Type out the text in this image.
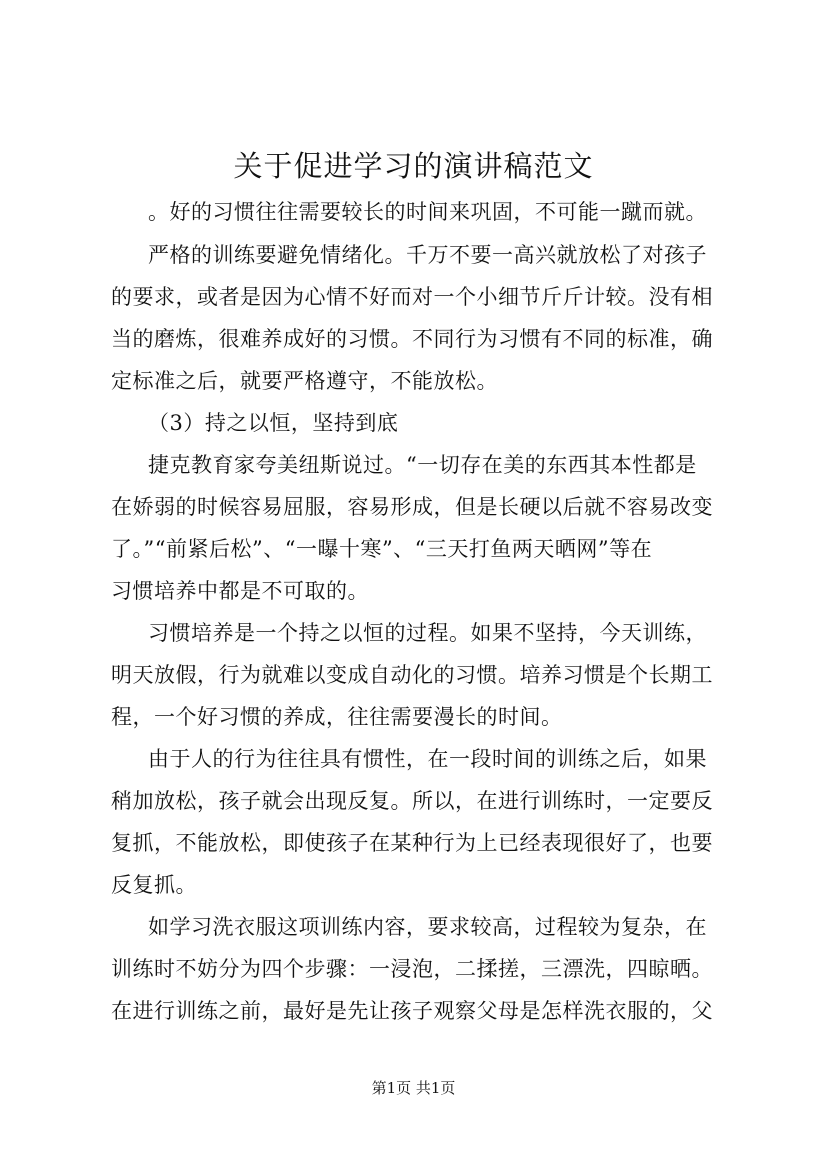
关于促进学习的演讲稿范文

。好的习惯往往需要较长的时间来巩固，不可能一蹴而就。

严格的训练要避免情绪化。千万不要一高兴就放松了对孩子

的要求，或者是因为心情不好而对一个小细节斤斤计较。没有相

当的磨炼，很难养成好的习惯。不同行为习惯有不同的标准，确

定标准之后，就要严格遵守，不能放松。

（3）持之以恒，坚持到底

捷克教育家夸美纽斯说过。“一切存在美的东西其本性都是

在娇弱的时候容易屈服，容易形成，但是长硬以后就不容易改变

了。”“前紧后松”、“一曝十寒”、“三天打鱼两天晒网”等在

习惯培养中都是不可取的。

习惯培养是一个持之以恒的过程。如果不坚持，今天训练，

明天放假，行为就难以变成自动化的习惯。培养习惯是个长期工

程，一个好习惯的养成，往往需要漫长的时间。

由于人的行为往往具有惯性，在一段时间的训练之后，如果

稍加放松，孩子就会出现反复。所以，在进行训练时，一定要反

复抓，不能放松，即使孩子在某种行为上已经表现很好了，也要

反复抓。

如学习洗衣服这项训练内容，要求较高，过程较为复杂，在

训练时不妨分为四个步骤：一浸泡，二揉搓，三漂洗，四晾晒。

在进行训练之前，最好是先让孩子观察父母是怎样洗衣服的，父

第1页 共1页
